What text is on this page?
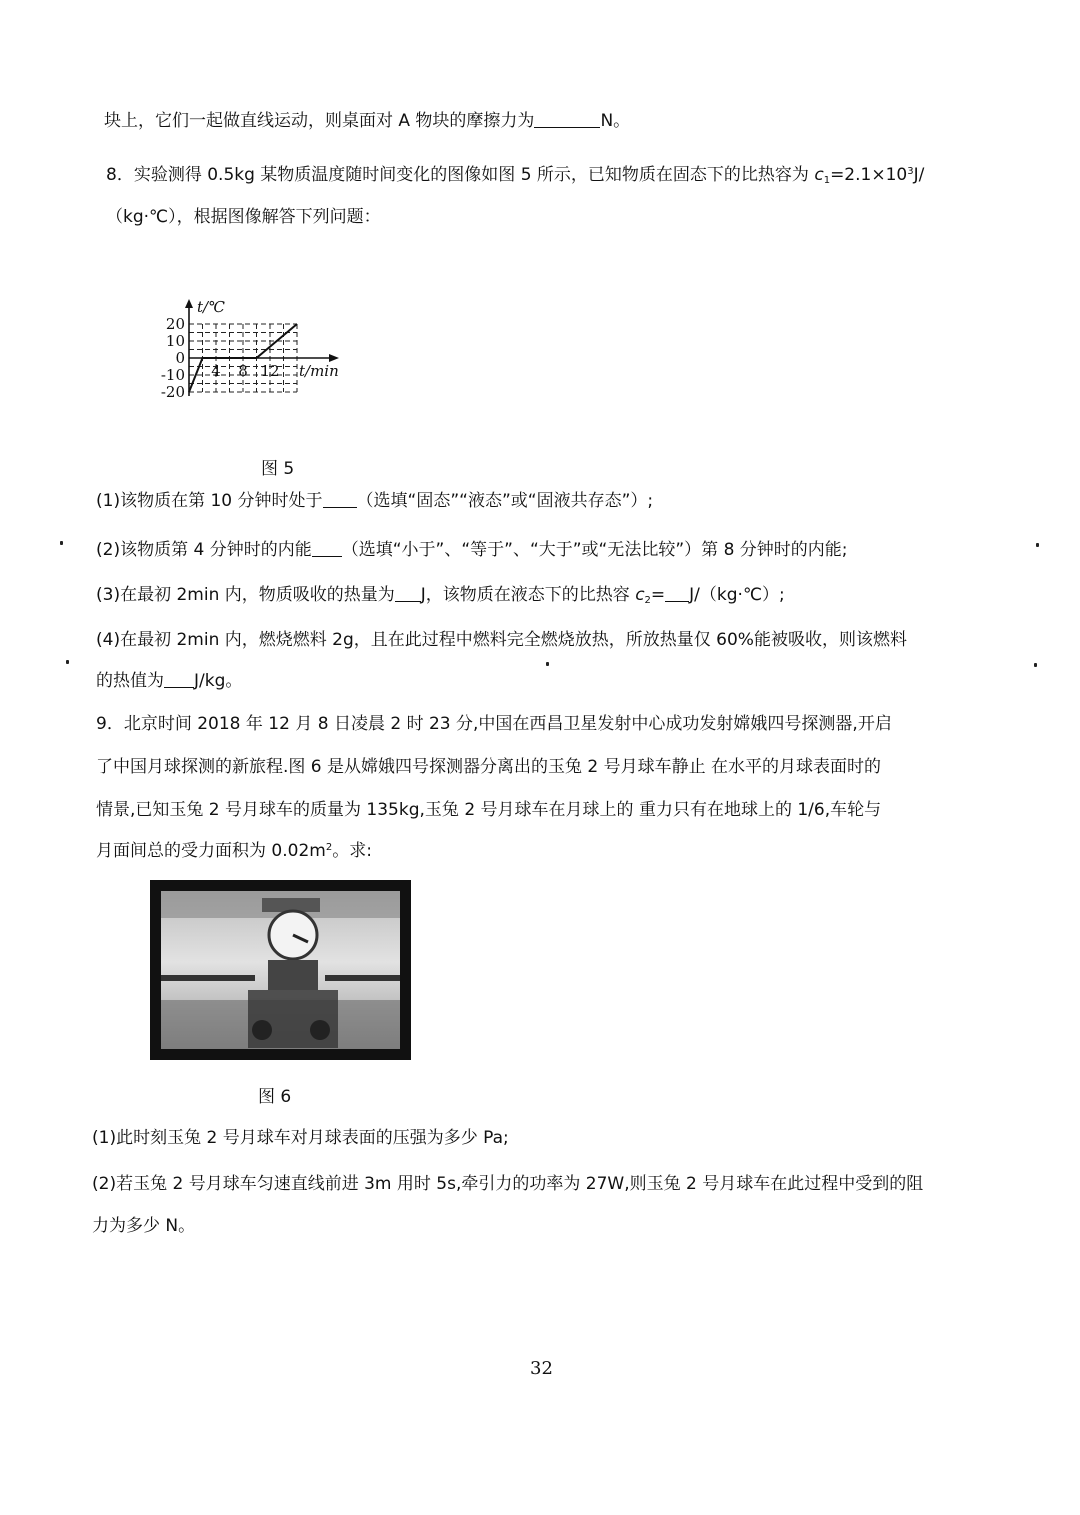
块上，它们一起做直线运动，则桌面对 A 物块的摩擦力为	N。
8．实验测得 0.5kg 某物质温度随时间变化的图像如图 5 所示，已知物质在固态下的比热容为 $c_1=2.1\times 10^3J/$
（kg·℃），根据图像解答下列问题：
20
10
0
-10
-20
4 8 12
t/℃
t/min
图 5
(1)该物质在第 10 分钟时处于 （选填“固态”“液态”或“固液共存态”）;
(2)该物质第 4 分钟时的内能 （选填“小于”、“等于”、“大于”或“无法比较”）第 8 分钟时的内能;
(3)在最初 2min 内，物质吸收的热量为 J，该物质在液态下的比热容 $c_2=$ J/（kg·℃）;
(4)在最初 2min 内，燃烧燃料 2g，且在此过程中燃料完全燃烧放热，所放热量仅 60%能被吸收，则该燃料
的热值为 J/kg。
9．北京时间 2018 年 12 月 8 日凌晨 2 时 23 分,中国在西昌卫星发射中心成功发射嫦娥四号探测器,开启
了中国月球探测的新旅程.图 6 是从嫦娥四号探测器分离出的玉兔 2 号月球车静止 在水平的月球表面时的
情景,已知玉兔 2 号月球车的质量为 135kg,玉兔 2 号月球车在月球上的 重力只有在地球上的 1/6,车轮与
月面间总的受力面积为 $0.02m^2$。求:
图 6
(1)此时刻玉兔 2 号月球车对月球表面的压强为多少 Pa;
(2)若玉兔 2 号月球车匀速直线前进 3m 用时 5s,牵引力的功率为 27W,则玉兔 2 号月球车在此过程中受到的阻
力为多少 N。
32
